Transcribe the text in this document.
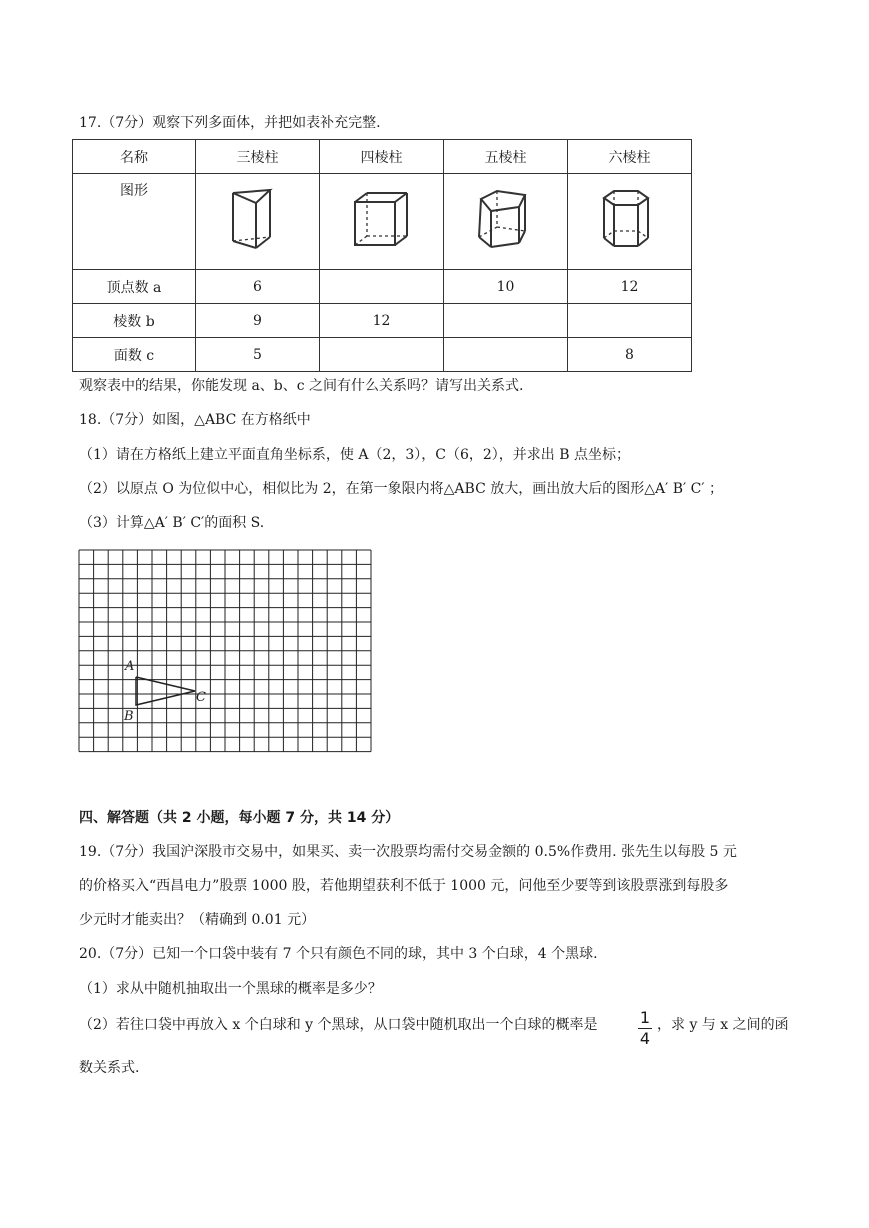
17.（7分）观察下列多面体，并把如表补充完整.
名称	三棱柱	四棱柱	五棱柱	六棱柱
图形				
顶点数 a	6		10	12
棱数 b	9	12		
面数 c	5			8
观察表中的结果，你能发现 a、b、c 之间有什么关系吗？请写出关系式.
18.（7分）如图，△ABC 在方格纸中
（1）请在方格纸上建立平面直角坐标系，使 A（2，3），C（6，2），并求出 B 点坐标；
（2）以原点 O 为位似中心，相似比为 2，在第一象限内将△ABC 放大，画出放大后的图形△A′ B′ C′ ；
（3）计算△A′ B′ C′的面积 S.
A
B
C
四、解答题（共 2 小题，每小题 7 分，共 14 分）
19.（7分）我国沪深股市交易中，如果买、卖一次股票均需付交易金额的 0.5%作费用. 张先生以每股 5 元
的价格买入“西昌电力”股票 1000 股，若他期望获利不低于 1000 元，问他至少要等到该股票涨到每股多
少元时才能卖出？（精确到 0.01 元）
20.（7分）已知一个口袋中装有 7 个只有颜色不同的球，其中 3 个白球，4 个黑球.
（1）求从中随机抽取出一个黑球的概率是多少？
（2）若往口袋中再放入 x 个白球和 y 个黑球，从口袋中随机取出一个白球的概率是	$\frac{1}{4}$ ，求 y 与 x 之间的函
数关系式.
